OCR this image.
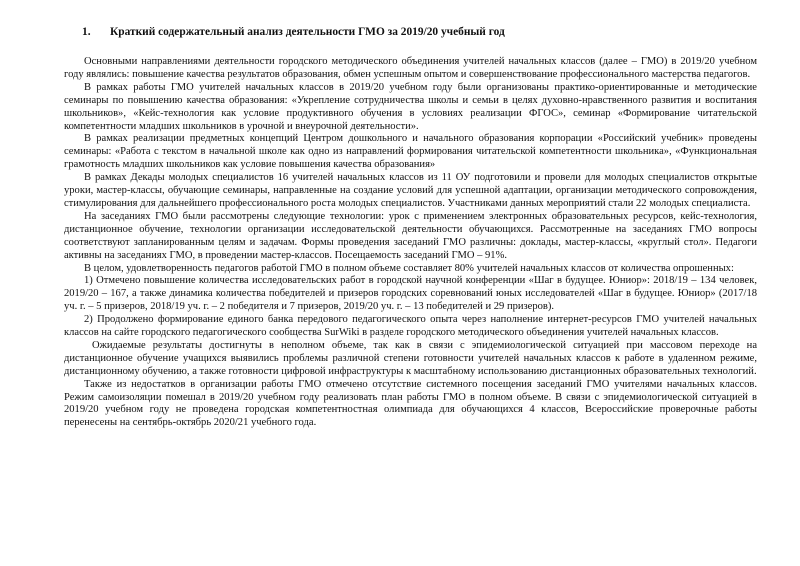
1. Краткий содержательный анализ деятельности ГМО за 2019/20 учебный год

Основными направлениями деятельности городского методического объединения учителей начальных классов (далее – ГМО) в 2019/20 учебном году являлись: повышение качества результатов образования, обмен успешным опытом и совершенствование профессионального мастерства педагогов.

В рамках работы ГМО учителей начальных классов в 2019/20 учебном году были организованы практико-ориентированные и методические семинары по повышению качества образования: «Укрепление сотрудничества школы и семьи в целях духовно-нравственного развития и воспитания школьников», «Кейс-технология как условие продуктивного обучения в условиях реализации ФГОС», семинар «Формирование читательской компетентности младших школьников в урочной и внеурочной деятельности».

В рамках реализации предметных концепций Центром дошкольного и начального образования корпорации «Российский учебник» проведены семинары: «Работа с текстом в начальной школе как одно из направлений формирования читательской компетентности школьника», «Функциональная грамотность младших школьников как условие повышения качества образования»

В рамках Декады молодых специалистов 16 учителей начальных классов из 11 ОУ подготовили и провели для молодых специалистов открытые уроки, мастер-классы, обучающие семинары, направленные на создание условий для успешной адаптации, организации методического сопровождения, стимулирования для дальнейшего профессионального роста молодых специалистов. Участниками данных мероприятий стали 22 молодых специалиста.

На заседаниях ГМО были рассмотрены следующие технологии: урок с применением электронных образовательных ресурсов, кейс-технология, дистанционное обучение, технологии организации исследовательской деятельности обучающихся. Рассмотренные на заседаниях ГМО вопросы соответствуют запланированным целям и задачам. Формы проведения заседаний ГМО различны: доклады, мастер-классы, «круглый стол». Педагоги активны на заседаниях ГМО, в проведении мастер-классов. Посещаемость заседаний ГМО – 91%.

В целом, удовлетворенность педагогов работой ГМО в полном объеме составляет 80% учителей начальных классов от количества опрошенных:

1) Отмечено повышение количества исследовательских работ в городской научной конференции «Шаг в будущее. Юниор»: 2018/19 – 134 человек, 2019/20 – 167, а также динамика количества победителей и призеров городских соревнований юных исследователей «Шаг в будущее. Юниор» (2017/18 уч. г. – 5 призеров, 2018/19 уч. г. – 2 победителя и 7 призеров, 2019/20 уч. г. – 13 победителей и 29 призеров).

2) Продолжено формирование единого банка передового педагогического опыта через наполнение интернет-ресурсов ГМО учителей начальных классов на сайте городского педагогического сообщества SurWiki в разделе городского методического объединения учителей начальных классов.

Ожидаемые результаты достигнуты в неполном объеме, так как в связи с эпидемиологической ситуацией при массовом переходе на дистанционное обучение учащихся выявились проблемы различной степени готовности учителей начальных классов к работе в удаленном режиме, дистанционному обучению, а также готовности цифровой инфраструктуры к масштабному использованию дистанционных образовательных технологий.

Также из недостатков в организации работы ГМО отмечено отсутствие системного посещения заседаний ГМО учителями начальных классов. Режим самоизоляции помешал в 2019/20 учебном году реализовать план работы ГМО в полном объеме. В связи с эпидемиологической ситуацией в 2019/20 учебном году не проведена городская компетентностная олимпиада для обучающихся 4 классов, Всероссийские проверочные работы перенесены на сентябрь-октябрь 2020/21 учебного года.
